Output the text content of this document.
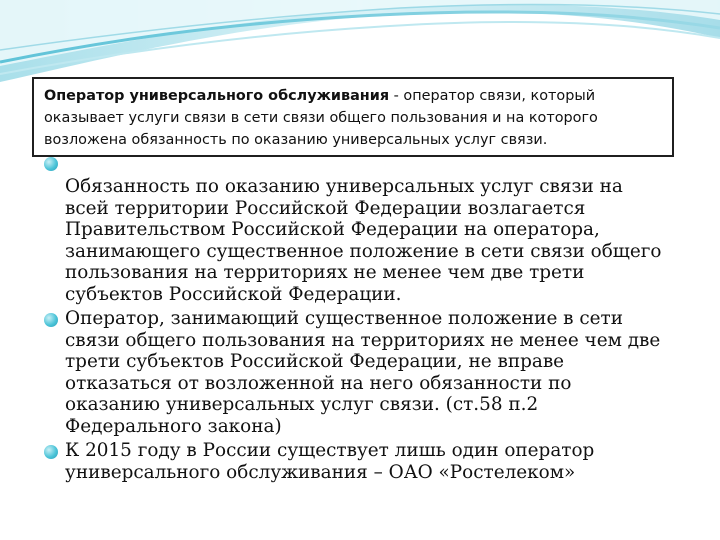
Оператор универсального обслуживания - оператор связи, который
оказывает услуги связи в сети связи общего пользования и на которого
возложена обязанность по оказанию универсальных услуг связи.
Обязанность по оказанию универсальных услуг связи на
всей территории Российской Федерации возлагается
Правительством Российской Федерации на оператора,
занимающего существенное положение в сети связи общего
пользования на территориях не менее чем две трети
субъектов Российской Федерации.
Оператор, занимающий существенное положение в сети
связи общего пользования на территориях не менее чем две
трети субъектов Российской Федерации, не вправе
отказаться от возложенной на него обязанности по
оказанию универсальных услуг связи. (ст.58 п.2
Федерального закона)
К 2015 году в России существует лишь один оператор
универсального обслуживания – ОАО «Ростелеком»
